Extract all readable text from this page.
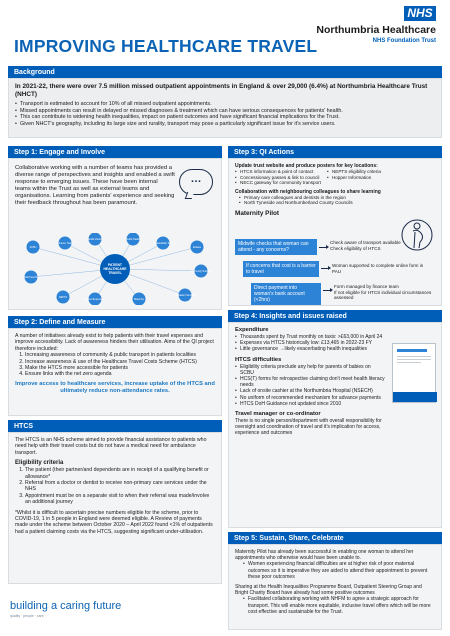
IMPROVING HEALTHCARE TRAVEL
NHS
Northumbria Healthcare
NHS Foundation Trust
Background
In 2021-22, there were over 7.5 million missed outpatient appointments in England & over 29,000 (6.4%) at Northumbria Healthcare Trust (NHCT)
• Transport is estimated to account for 10% of all missed outpatient appointments.
• Missed appointments can result in delayed or missed diagnoses & treatment which can have serious consequences for patients' health.
• This can contribute to widening health inequalities, impact on patient outcomes and have significant financial implications for the Trust.
• Given NHCT's geography, including its large size and rurality, transport may pose a particularly significant issue for it's service users.
Step 1: Engage and Involve
Collaborative working with a number of teams has provided a diverse range of perspectives and insights and enabled a swift response to emerging issues. These have been internal teams within the Trust as well as external teams and organisations. Learning from patients' experience and seeking their feedback throughout has been paramount.
…
SCBU
Finance Team
Health Visitors	Public Health
Sustainability Team
Estates
Community Transport
Outpatient Services
Maternity
Patient Experience
NEPTS
Social Prescribers
PATIENT HEALTHCARE TRAVEL
Step 2: Define and Measure
A number of initiatives already exist to help patients with their travel expenses and improve accessibility. Lack of awareness hinders their utilisation. Aims of the QI project therefore included:
1. Increasing awareness of community & public transport in patients localities
2. Increase awareness & use of the Healthcare Travel Costs Scheme (HTCS)
3. Make the HTCS more accessible for patients
4. Ensure links with the net zero agenda
Improve access to healthcare services, increase uptake of the HTCS and ultimately reduce non-attendance rates.
HTCS
The HTCS is an NHS scheme aimed to provide financial assistance to patients who need help with their travel costs but do not have a medical need for ambulance transport.
Eligibility criteria
1. The patient (their partner/and dependents are in receipt of a qualifying benefit or allowance*
2. Referral from a doctor or dentist to receive non-primary care services under the NHS
3. Appointment must be on a separate visit to when their referral was made/involve an additional journey
*Whilst it is difficult to ascertain precise numbers eligible for the scheme, prior to COVID-19, 1 in 5 people in England were deemed eligible. A Review of payments made under the scheme between October 2020 – April 2022 found <1% of outpatients had a patient claiming costs via the HTCS, suggesting significant under-utilisation.
building a caring future
quality · people · care
Step 3: QI Actions
Update trust website and produce posters for key locations:
• HTCS information & point of contact
• Concessionary passes & link to council
• NECC gateway for community transport
• NEPTS eligibility criteria
• Hopper Information
Collaboration with neighbouring colleagues to share learning
• Primary care colleagues and dentists in the region
• North Tyneside and Northumberland County Councils
Maternity Pilot
Midwife checks that woman can attend - any concerns?
Check aware of transport available
Check eligibility of HTCS
If concerns that cost is a barrier to travel
Woman supported to complete online form in PAU
Direct payment into woman's bank account (<2hrs)
Form managed by finance team
If not eligible for HTCS individual circumstances assessed
Step 4: Insights and issues raised
Expenditure
• Thousands spent by Trust monthly on taxis: >£63,000 in April 24
• Expenses via HTCS historically low: £13,465 in 2022-23 FY
• Little governance →likely exacerbating health inequalities
HTCS difficulties
• Eligibility criteria preclude any help for parents of babies on SCBU
• HCS(T) forms for retrospective claiming don't meet health literacy needs
• Lack of onsite cashier at the Northumbria Hospital (NSECH)
• No uniform of recommended mechanism for advance payments
• HTCS DoH Guidance not updated since 2010
Travel manager or co-ordinator

There is no single person/department with overall responsibility for oversight and coordination of travel and it's implication for access, experience and outcomes

Step 5: Sustain, Share, Celebrate

Maternity Pilot has already been successful in enabling one woman to attend her appointments who otherwise would have been unable to.

• Women experiencing financial difficulties are at higher risk of poor maternal outcomes so it is imperative they are aided to attend their appointment to prevent these poor outcomes

Sharing at the Health Inequalities Programme Board, Outpatient Steering Group and Bright Charity Board have already had some positive outcomes

• Facilitated collaborating working with NHFM to agree a strategic approach for transport. This will enable more equitable, inclusive travel offers which will be more cost effective and sustainable for the Trust.
